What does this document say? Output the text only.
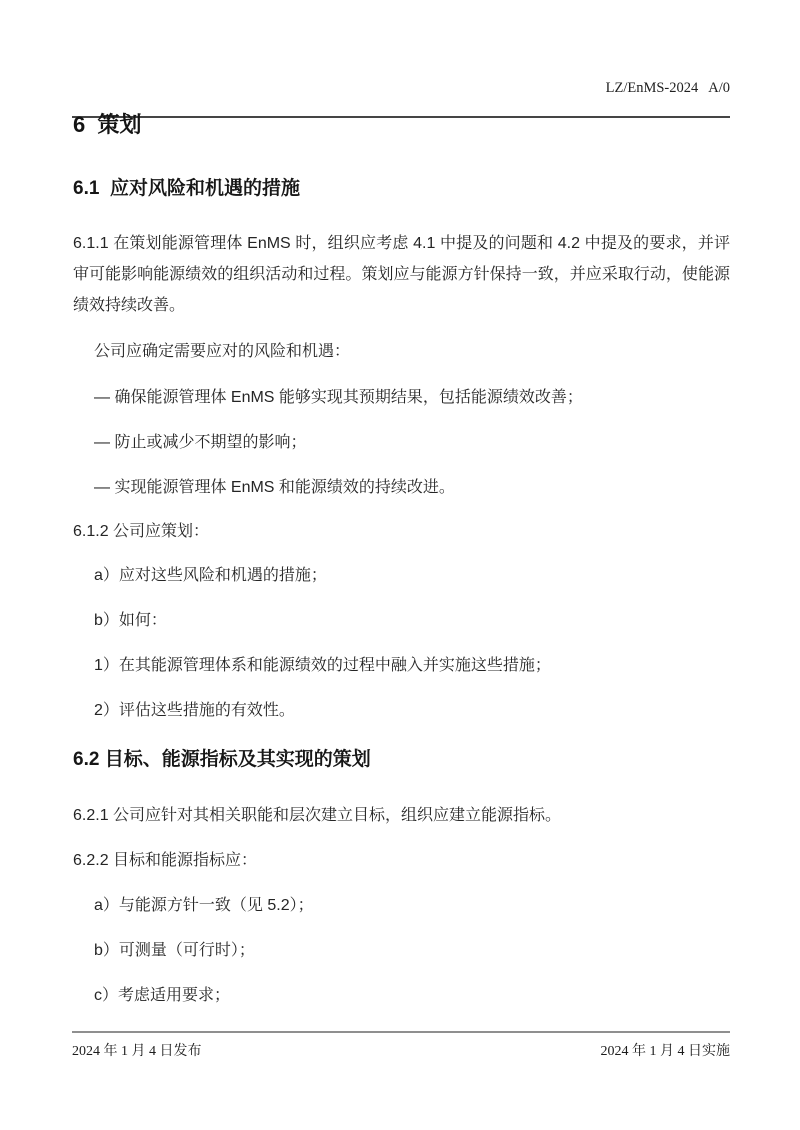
LZ/EnMS-2024 A/0

6  策划
6.1  应对风险和机遇的措施

6.1.1 在策划能源管理体 EnMS 时，组织应考虑 4.1 中提及的问题和 4.2 中提及的要求，并评审可能影响能源绩效的组织活动和过程。策划应与能源方针保持一致，并应采取行动，使能源绩效持续改善。

公司应确定需要应对的风险和机遇：

— 确保能源管理体 EnMS 能够实现其预期结果，包括能源绩效改善；

— 防止或减少不期望的影响；

— 实现能源管理体 EnMS 和能源绩效的持续改进。

6.1.2 公司应策划：

a）应对这些风险和机遇的措施；

b）如何：

1）在其能源管理体系和能源绩效的过程中融入并实施这些措施；

2）评估这些措施的有效性。

6.2 目标、能源指标及其实现的策划

6.2.1 公司应针对其相关职能和层次建立目标，组织应建立能源指标。

6.2.2 目标和能源指标应：

a）与能源方针一致（见 5.2）；

b）可测量（可行时）；

c）考虑适用要求；

2024 年 1 月 4 日发布	2024 年 1 月 4 日实施
